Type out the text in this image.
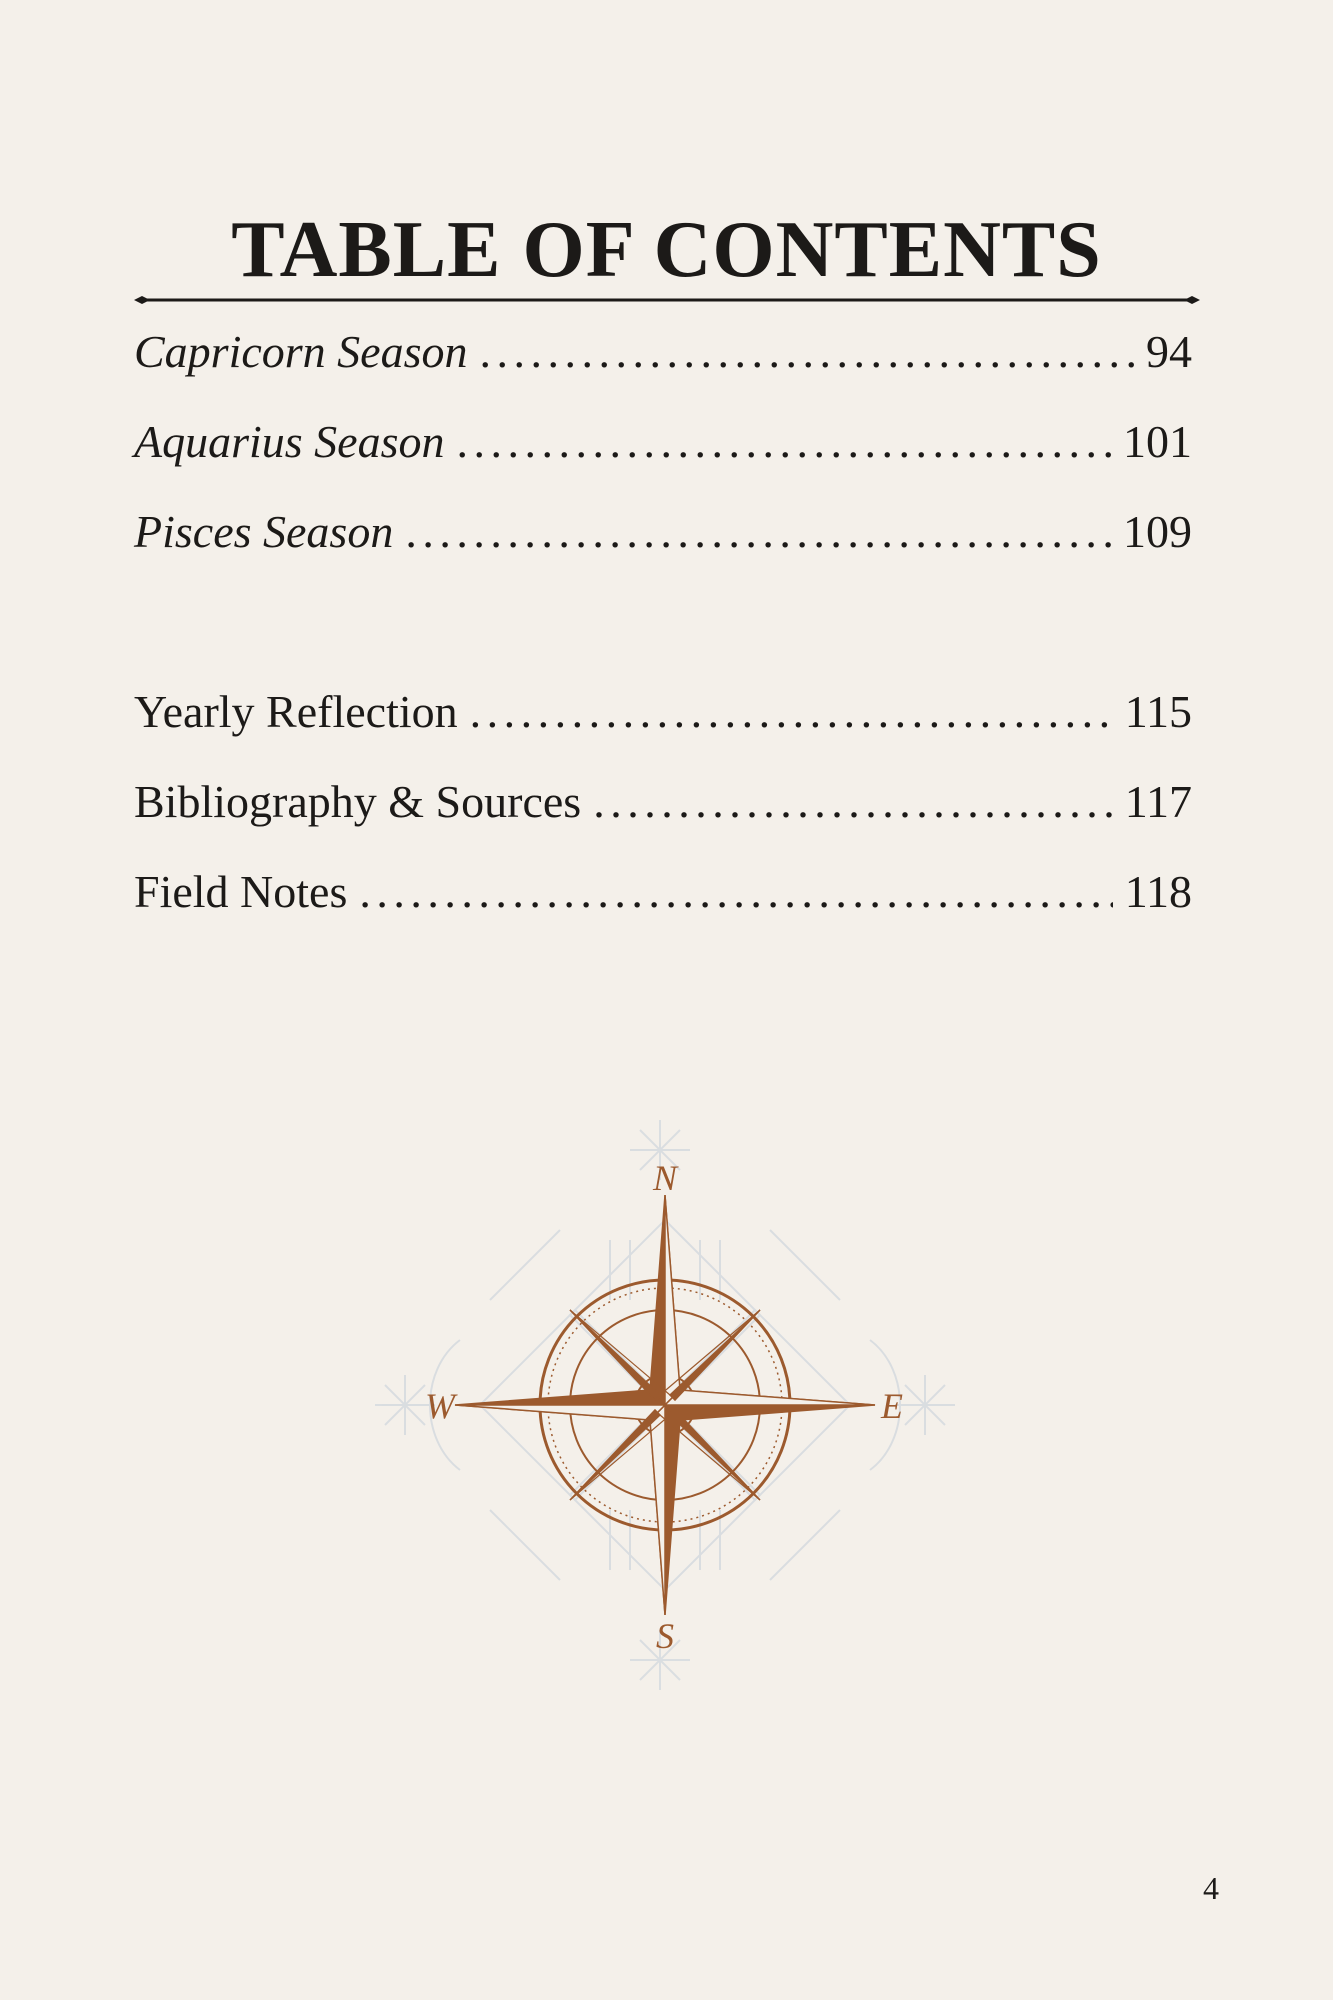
TABLE OF CONTENTS
Capricorn Season . . .	94
Aquarius Season . . .	101
Pisces Season . . .	109
Yearly Reflection . . .	115
Bibliography & Sources . . .	117
Field Notes . . .	118
N
S
W	E
4
